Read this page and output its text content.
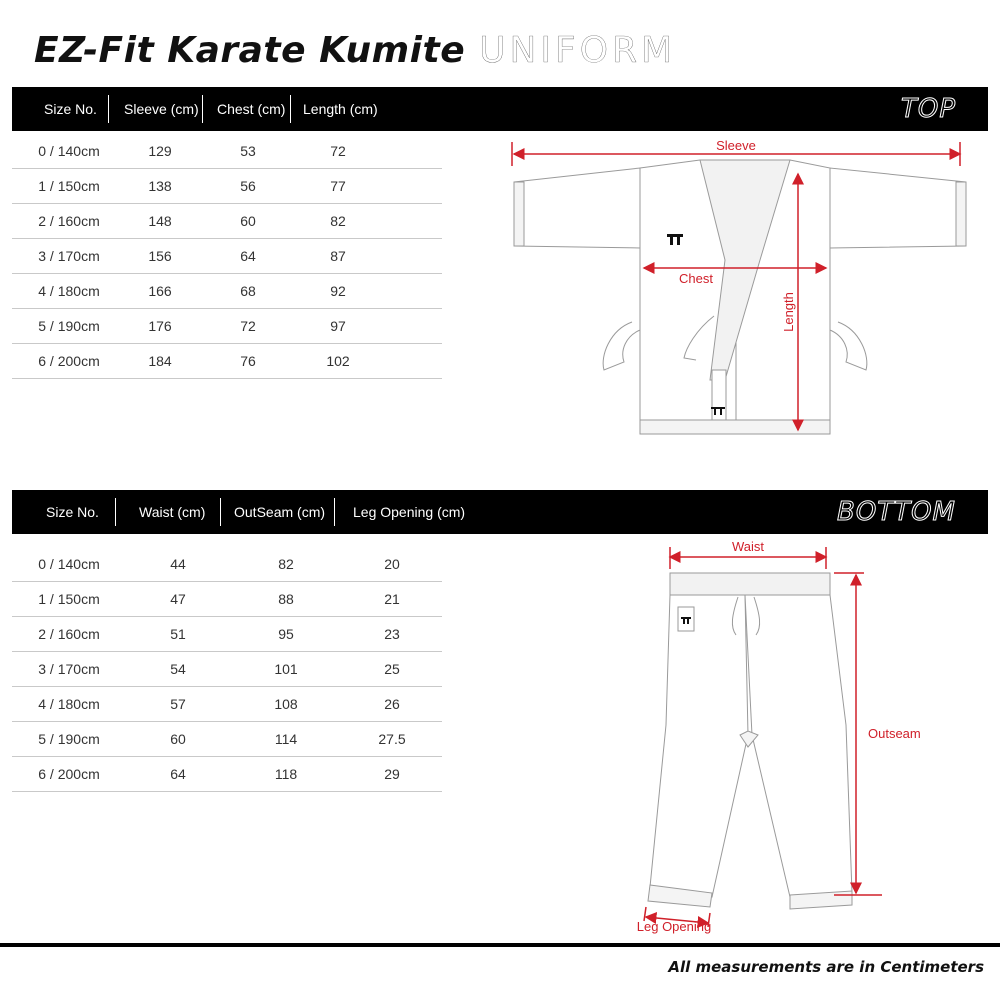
EZ-Fit Karate Kumite UNIFORM
Size No. Sleeve (cm) Chest (cm) Length (cm)	TOP
0 / 140cm	129	53	72
1 / 150cm	138	56	77
2 / 160cm	148	60	82
3 / 170cm	156	64	87
4 / 180cm	166	68	92
5 / 190cm	176	72	97
6 / 200cm	184	76	102
Sleeve
Chest
Length
Size No.	Waist (cm) OutSeam (cm) Leg Opening (cm)	BOTTOM
0 / 140cm	44	82	20
1 / 150cm	47	88	21
2 / 160cm	51	95	23
3 / 170cm	54	101	25
4 / 180cm	57	108	26
5 / 190cm	60	114	27.5
6 / 200cm	64	118	29
Waist
Outseam
Leg Opening
All measurements are in Centimeters
